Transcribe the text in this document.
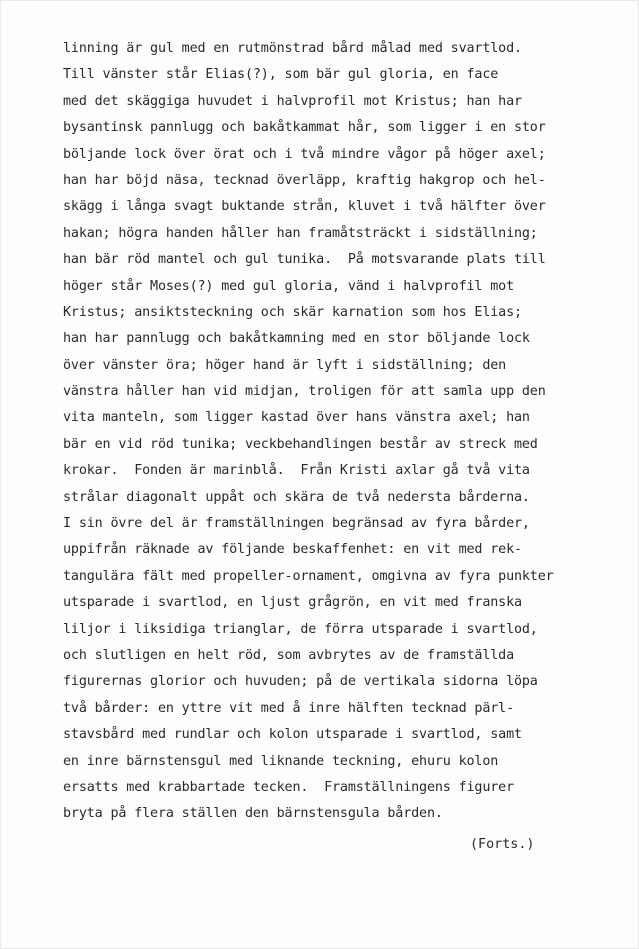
linning är gul med en rutmönstrad bård målad med svartlod.
Till vänster står Elias(?), som bär gul gloria, en face
med det skäggiga huvudet i halvprofil mot Kristus; han har
bysantinsk pannlugg och bakåtkammat hår, som ligger i en stor
böljande lock över örat och i två mindre vågor på höger axel;
han har böjd näsa, tecknad överläpp, kraftig hakgrop och hel-
skägg i långa svagt buktande strån, kluvet i två hälfter över
hakan; högra handen håller han framåtsträckt i sidställning;
han bär röd mantel och gul tunika.  På motsvarande plats till
höger står Moses(?) med gul gloria, vänd i halvprofil mot
Kristus; ansiktsteckning och skär karnation som hos Elias;
han har pannlugg och bakåtkamning med en stor böljande lock
över vänster öra; höger hand är lyft i sidställning; den
vänstra håller han vid midjan, troligen för att samla upp den
vita manteln, som ligger kastad över hans vänstra axel; han
bär en vid röd tunika; veckbehandlingen består av streck med
krokar.  Fonden är marinblå.  Från Kristi axlar gå två vita
strålar diagonalt uppåt och skära de två nedersta bårderna.
I sin övre del är framställningen begränsad av fyra bårder,
uppifrån räknade av följande beskaffenhet: en vit med rek-
tangulära fält med propeller-ornament, omgivna av fyra punkter
utsparade i svartlod, en ljust grågrön, en vit med franska
liljor i liksidiga trianglar, de förra utsparade i svartlod,
och slutligen en helt röd, som avbrytes av de framställda
figurernas glorior och huvuden; på de vertikala sidorna löpa
två bårder: en yttre vit med å inre hälften tecknad pärl-
stavsbård med rundlar och kolon utsparade i svartlod, samt
en inre bärnstensgul med liknande teckning, ehuru kolon
ersatts med krabbartade tecken.  Framställningens figurer
bryta på flera ställen den bärnstensgula bården.
(Forts.)
